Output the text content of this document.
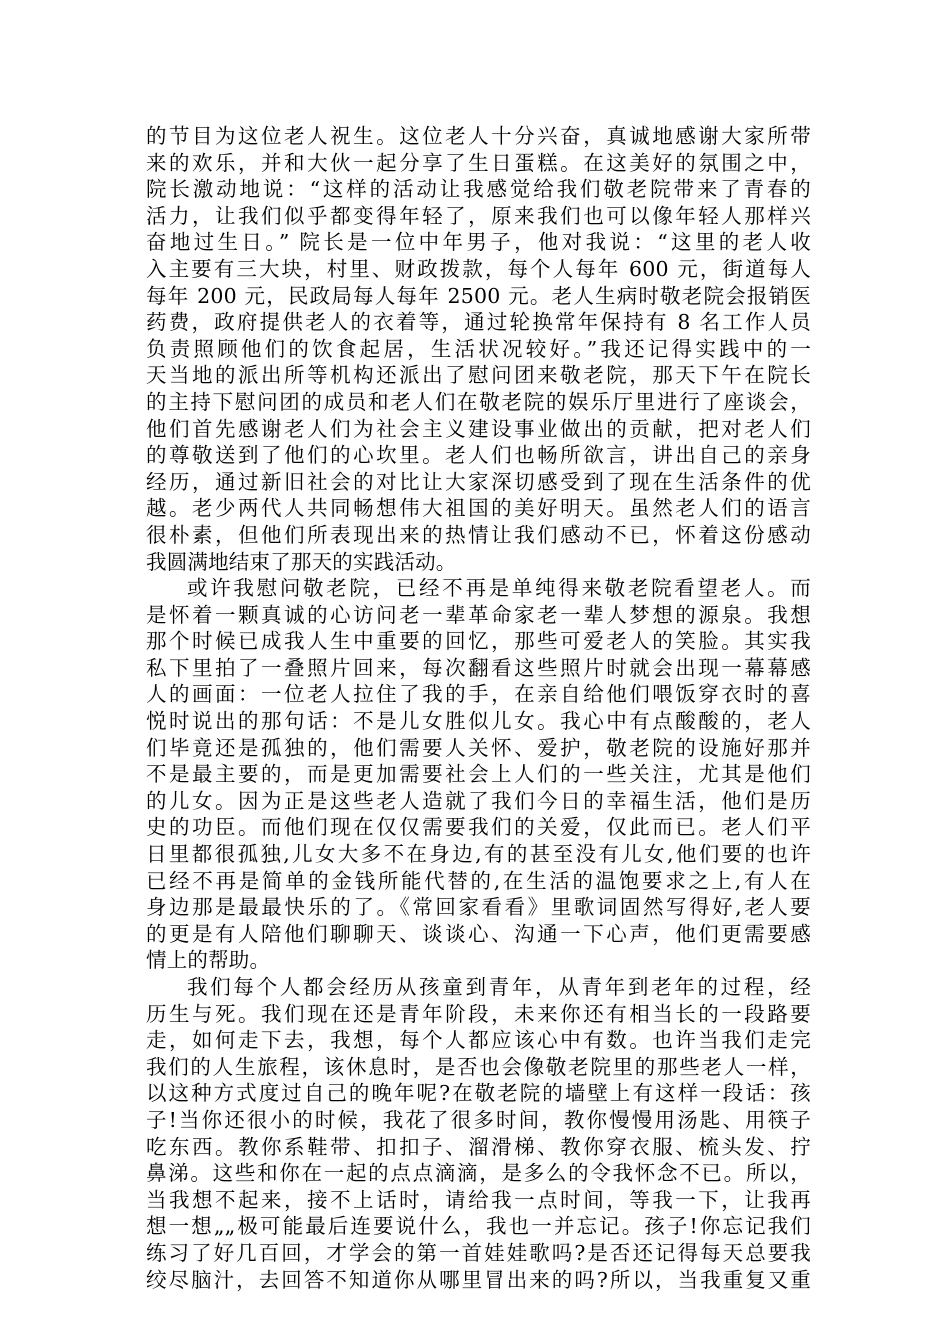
的节目为这位老人祝生。这位老人十分兴奋，真诚地感谢大家所带
来的欢乐，并和大伙一起分享了生日蛋糕。在这美好的氛围之中，
院长激动地说：“这样的活动让我感觉给我们敬老院带来了青春的
活力，让我们似乎都变得年轻了，原来我们也可以像年轻人那样兴
奋地过生日。” 院长是一位中年男子，他对我说：“这里的老人收
入主要有三大块，村里、财政拨款，每个人每年 600 元，街道每人
每年 200 元，民政局每人每年 2500 元。老人生病时敬老院会报销医
药费，政府提供老人的衣着等，通过轮换常年保持有 8 名工作人员
负责照顾他们的饮食起居，生活状况较好。”我还记得实践中的一
天当地的派出所等机构还派出了慰问团来敬老院，那天下午在院长
的主持下慰问团的成员和老人们在敬老院的娱乐厅里进行了座谈会，
他们首先感谢老人们为社会主义建设事业做出的贡献，把对老人们
的尊敬送到了他们的心坎里。老人们也畅所欲言，讲出自己的亲身
经历，通过新旧社会的对比让大家深切感受到了现在生活条件的优
越。老少两代人共同畅想伟大祖国的美好明天。虽然老人们的语言
很朴素，但他们所表现出来的热情让我们感动不已，怀着这份感动
我圆满地结束了那天的实践活动。
或许我慰问敬老院，已经不再是单纯得来敬老院看望老人。而
是怀着一颗真诚的心访问老一辈革命家老一辈人梦想的源泉。我想
那个时候已成我人生中重要的回忆，那些可爱老人的笑脸。其实我
私下里拍了一叠照片回来，每次翻看这些照片时就会出现一幕幕感
人的画面：一位老人拉住了我的手，在亲自给他们喂饭穿衣时的喜
悦时说出的那句话：不是儿女胜似儿女。我心中有点酸酸的，老人
们毕竟还是孤独的，他们需要人关怀、爱护，敬老院的设施好那并
不是最主要的，而是更加需要社会上人们的一些关注，尤其是他们
的儿女。因为正是这些老人造就了我们今日的幸福生活，他们是历
史的功臣。而他们现在仅仅需要我们的关爱，仅此而已。老人们平
日里都很孤独,儿女大多不在身边,有的甚至没有儿女,他们要的也许
已经不再是简单的金钱所能代替的,在生活的温饱要求之上,有人在
身边那是最最快乐的了。《常回家看看》里歌词固然写得好,老人要
的更是有人陪他们聊聊天、谈谈心、沟通一下心声，他们更需要感
情上的帮助。
我们每个人都会经历从孩童到青年，从青年到老年的过程，经
历生与死。我们现在还是青年阶段，未来你还有相当长的一段路要
走，如何走下去，我想，每个人都应该心中有数。也许当我们走完
我们的人生旅程，该休息时，是否也会像敬老院里的那些老人一样，
以这种方式度过自己的晚年呢?在敬老院的墙壁上有这样一段话：孩
子!当你还很小的时候，我花了很多时间，教你慢慢用汤匙、用筷子
吃东西。教你系鞋带、扣扣子、溜滑梯、教你穿衣服、梳头发、拧
鼻涕。这些和你在一起的点点滴滴，是多么的令我怀念不已。所以，
当我想不起来，接不上话时，请给我一点时间，等我一下，让我再
想一想„„极可能最后连要说什么，我也一并忘记。孩子!你忘记我们
练习了好几百回，才学会的第一首娃娃歌吗?是否还记得每天总要我
绞尽脑汁，去回答不知道你从哪里冒出来的吗?所以，当我重复又重
